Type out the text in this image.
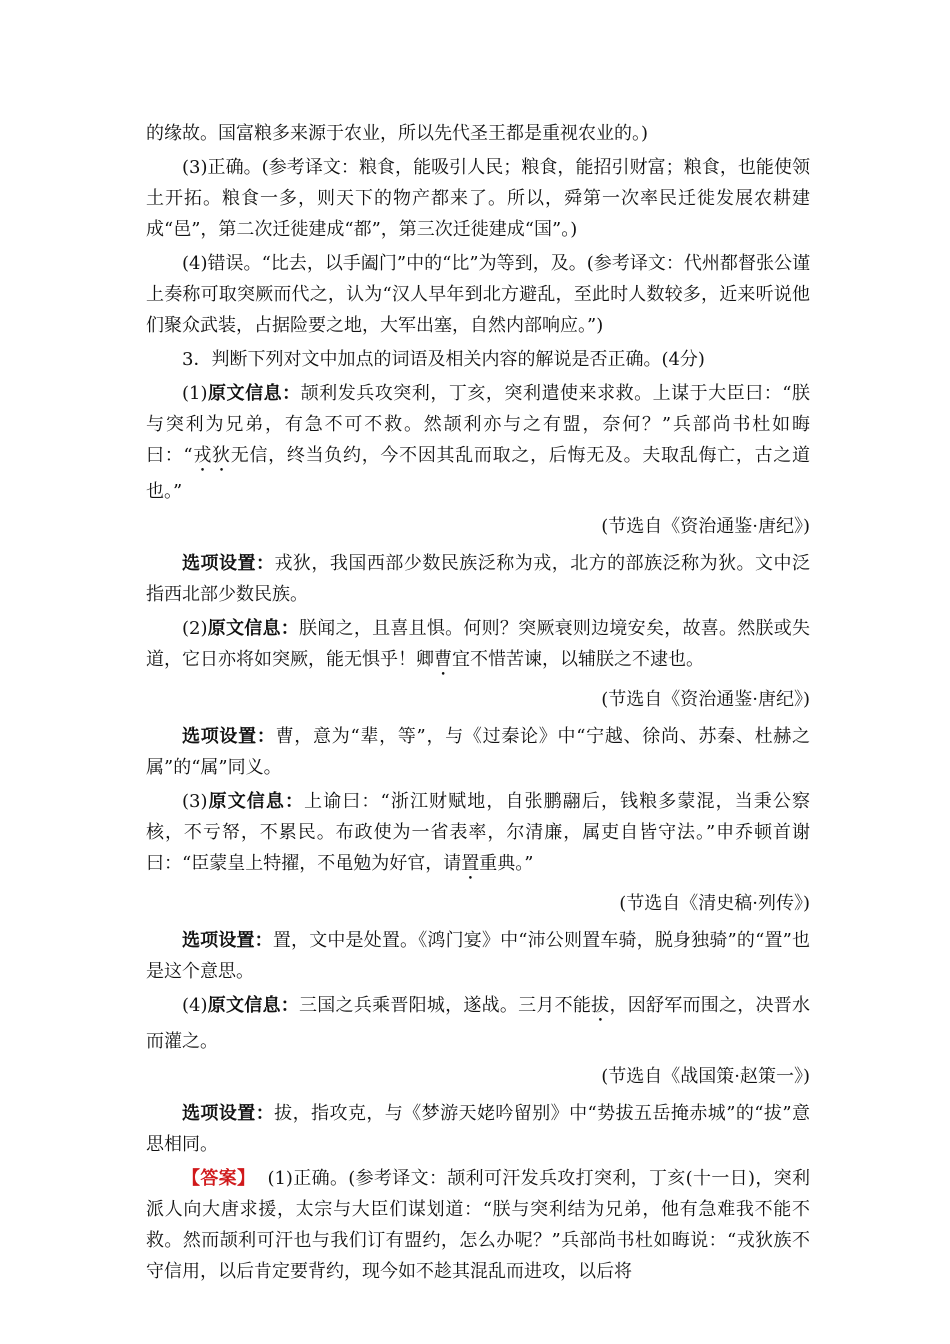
的缘故。国富粮多来源于农业，所以先代圣王都是重视农业的。)

(3)正确。(参考译文：粮食，能吸引人民；粮食，能招引财富；粮食，也能使领土开拓。粮食一多，则天下的物产都来了。所以，舜第一次率民迁徙发展农耕建成“邑”，第二次迁徙建成“都”，第三次迁徙建成“国”。)

(4)错误。“比去，以手阖门”中的“比”为等到，及。(参考译文：代州都督张公谨上奏称可取突厥而代之，认为“汉人早年到北方避乱，至此时人数较多，近来听说他们聚众武装，占据险要之地，大军出塞，自然内部响应。”)

3．判断下列对文中加点的词语及相关内容的解说是否正确。(4分)

(1)原文信息：颉利发兵攻突利，丁亥，突利遣使来求救。上谋于大臣曰：“朕与突利为兄弟，有急不可不救。然颉利亦与之有盟，奈何？”兵部尚书杜如晦曰：“戎狄无信，终当负约，今不因其乱而取之，后悔无及。夫取乱侮亡，古之道也。”

(节选自《资治通鉴·唐纪》)

选项设置：戎狄，我国西部少数民族泛称为戎，北方的部族泛称为狄。文中泛指西北部少数民族。

(2)原文信息：朕闻之，且喜且惧。何则？突厥衰则边境安矣，故喜。然朕或失道，它日亦将如突厥，能无惧乎！卿曹宜不惜苦谏，以辅朕之不逮也。

(节选自《资治通鉴·唐纪》)

选项设置：曹，意为“辈，等”，与《过秦论》中“宁越、徐尚、苏秦、杜赫之属”的“属”同义。

(3)原文信息：上谕曰：“浙江财赋地，自张鹏翮后，钱粮多蒙混，当秉公察核，不亏帑，不累民。布政使为一省表率，尔清廉，属吏自皆守法。”申乔顿首谢曰：“臣蒙皇上特擢，不黾勉为好官，请置重典。”

(节选自《清史稿·列传》)

选项设置：置，文中是处置。《鸿门宴》中“沛公则置车骑，脱身独骑”的“置”也是这个意思。

(4)原文信息：三国之兵乘晋阳城，遂战。三月不能拔，因舒军而围之，决晋水而灌之。

(节选自《战国策·赵策一》)

选项设置：拔，指攻克，与《梦游天姥吟留别》中“势拔五岳掩赤城”的“拔”意思相同。

【答案】 (1)正确。(参考译文：颉利可汗发兵攻打突利，丁亥(十一日)，突利派人向大唐求援，太宗与大臣们谋划道：“朕与突利结为兄弟，他有急难我不能不救。然而颉利可汗也与我们订有盟约，怎么办呢？”兵部尚书杜如晦说：“戎狄族不守信用，以后肯定要背约，现今如不趁其混乱而进攻，以后将
